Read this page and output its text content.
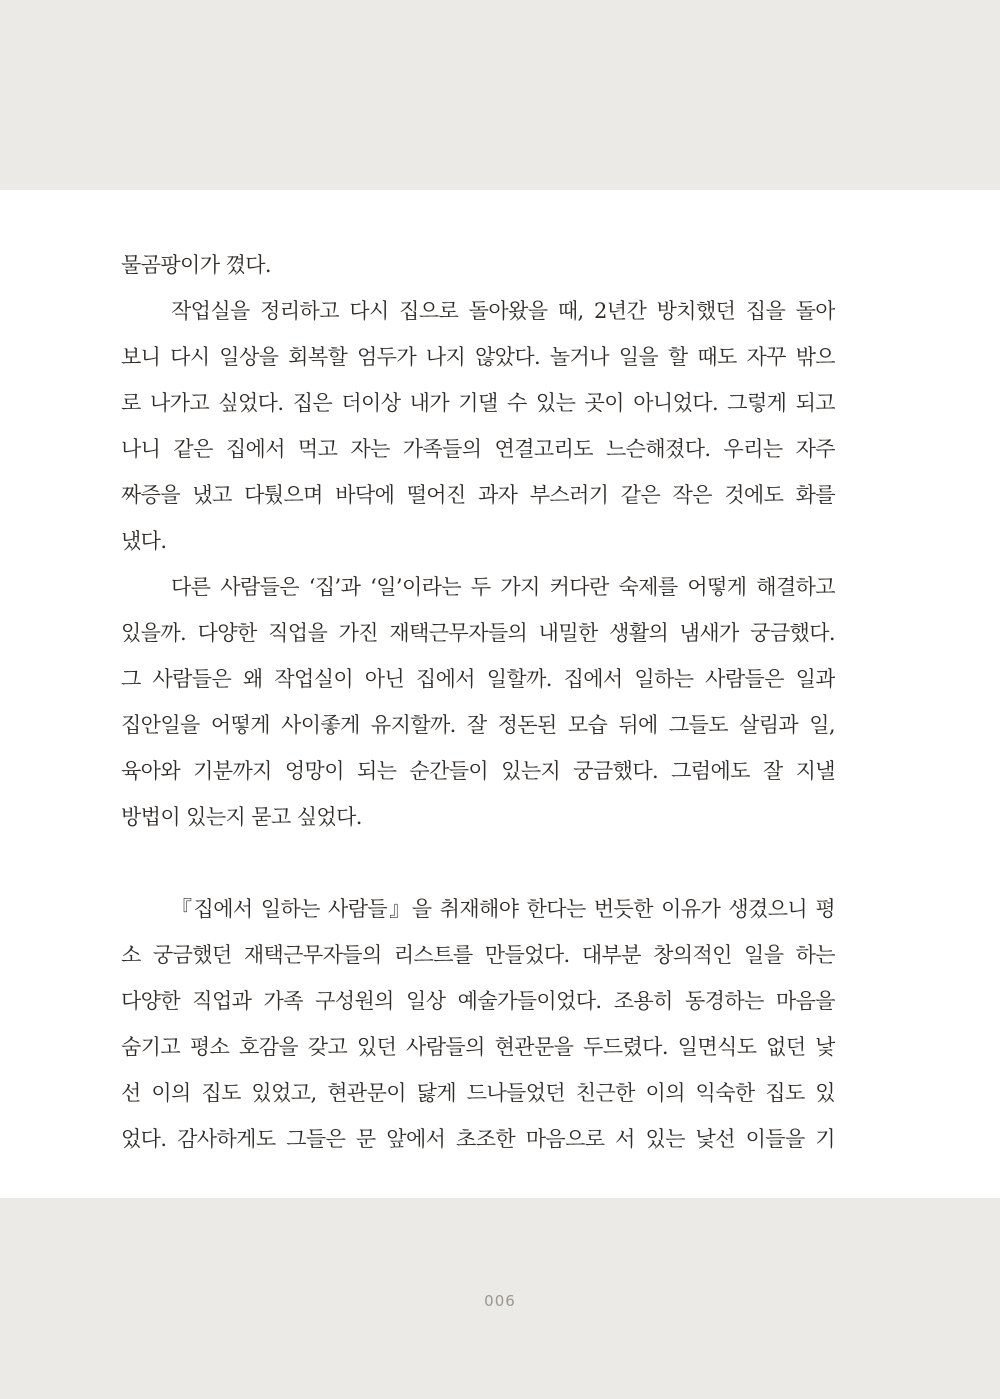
물곰팡이가 꼈다.
작업실을 정리하고 다시 집으로 돌아왔을 때, 2년간 방치했던 집을 돌아
보니 다시 일상을 회복할 엄두가 나지 않았다. 놀거나 일을 할 때도 자꾸 밖으
로 나가고 싶었다. 집은 더이상 내가 기댈 수 있는 곳이 아니었다. 그렇게 되고
나니 같은 집에서 먹고 자는 가족들의 연결고리도 느슨해졌다. 우리는 자주
짜증을 냈고 다퉜으며 바닥에 떨어진 과자 부스러기 같은 작은 것에도 화를
냈다.
다른 사람들은 ‘집’과 ‘일’이라는 두 가지 커다란 숙제를 어떻게 해결하고
있을까. 다양한 직업을 가진 재택근무자들의 내밀한 생활의 냄새가 궁금했다.
그 사람들은 왜 작업실이 아닌 집에서 일할까. 집에서 일하는 사람들은 일과
집안일을 어떻게 사이좋게 유지할까. 잘 정돈된 모습 뒤에 그들도 살림과 일,
육아와 기분까지 엉망이 되는 순간들이 있는지 궁금했다. 그럼에도 잘 지낼
방법이 있는지 묻고 싶었다.
『집에서 일하는 사람들』을 취재해야 한다는 번듯한 이유가 생겼으니 평
소 궁금했던 재택근무자들의 리스트를 만들었다. 대부분 창의적인 일을 하는
다양한 직업과 가족 구성원의 일상 예술가들이었다. 조용히 동경하는 마음을
숨기고 평소 호감을 갖고 있던 사람들의 현관문을 두드렸다. 일면식도 없던 낯
선 이의 집도 있었고, 현관문이 닳게 드나들었던 친근한 이의 익숙한 집도 있
었다. 감사하게도 그들은 문 앞에서 초조한 마음으로 서 있는 낯선 이들을 기
006
